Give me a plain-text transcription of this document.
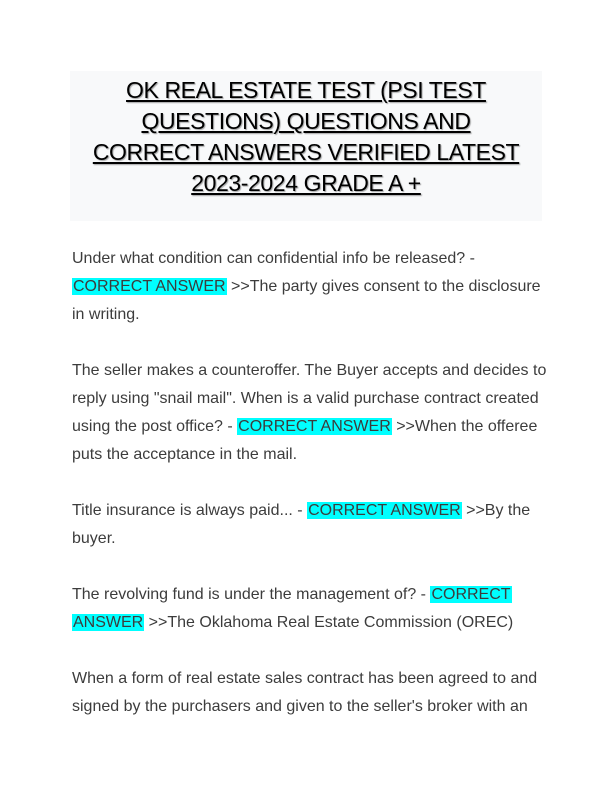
OK REAL ESTATE TEST (PSI TEST
QUESTIONS) QUESTIONS AND
CORRECT ANSWERS VERIFIED LATEST
2023-2024 GRADE A +

Under what condition can confidential info be released? -
CORRECT ANSWER >>The party gives consent to the disclosure in writing.

The seller makes a counteroffer. The Buyer accepts and decides to reply using "snail mail". When is a valid purchase contract created using the post office? - CORRECT ANSWER >>When the offeree puts the acceptance in the mail.

Title insurance is always paid... - CORRECT ANSWER >>By the buyer.

The revolving fund is under the management of? - CORRECT
ANSWER >>The Oklahoma Real Estate Commission (OREC)

When a form of real estate sales contract has been agreed to and signed by the purchasers and given to the seller's broker with an
